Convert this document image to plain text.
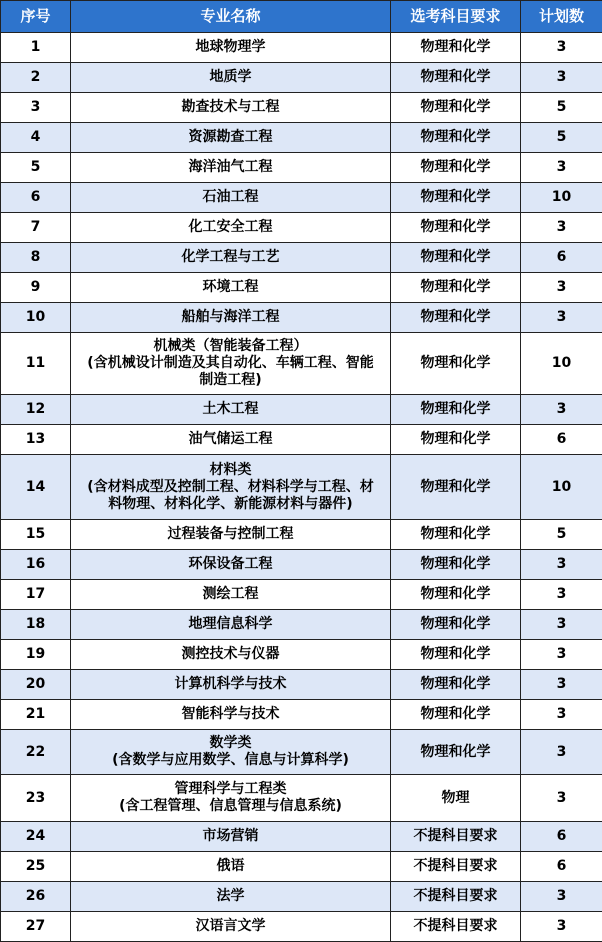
序号	专业名称	选考科目要求	计划数
1	地球物理学	物理和化学	3
2	地质学	物理和化学	3
3	勘查技术与工程	物理和化学	5
4	资源勘查工程	物理和化学	5
5	海洋油气工程	物理和化学	3
6	石油工程	物理和化学	10
7	化工安全工程	物理和化学	3
8	化学工程与工艺	物理和化学	6
9	环境工程	物理和化学	3
10	船舶与海洋工程	物理和化学	3
11	机械类（智能装备工程）
(含机械设计制造及其自动化、车辆工程、智能
制造工程)	物理和化学	10
12	土木工程	物理和化学	3
13	油气储运工程	物理和化学	6
14	材料类
(含材料成型及控制工程、材料科学与工程、材
料物理、材料化学、新能源材料与器件)	物理和化学	10
15	过程装备与控制工程	物理和化学	5
16	环保设备工程	物理和化学	3
17	测绘工程	物理和化学	3
18	地理信息科学	物理和化学	3
19	测控技术与仪器	物理和化学	3
20	计算机科学与技术	物理和化学	3
21	智能科学与技术	物理和化学	3
22	数学类
(含数学与应用数学、信息与计算科学)	物理和化学	3
23	管理科学与工程类
(含工程管理、信息管理与信息系统)	物理	3
24	市场营销	不提科目要求	6
25	俄语	不提科目要求	6
26	法学	不提科目要求	3
27	汉语言文学	不提科目要求	3
